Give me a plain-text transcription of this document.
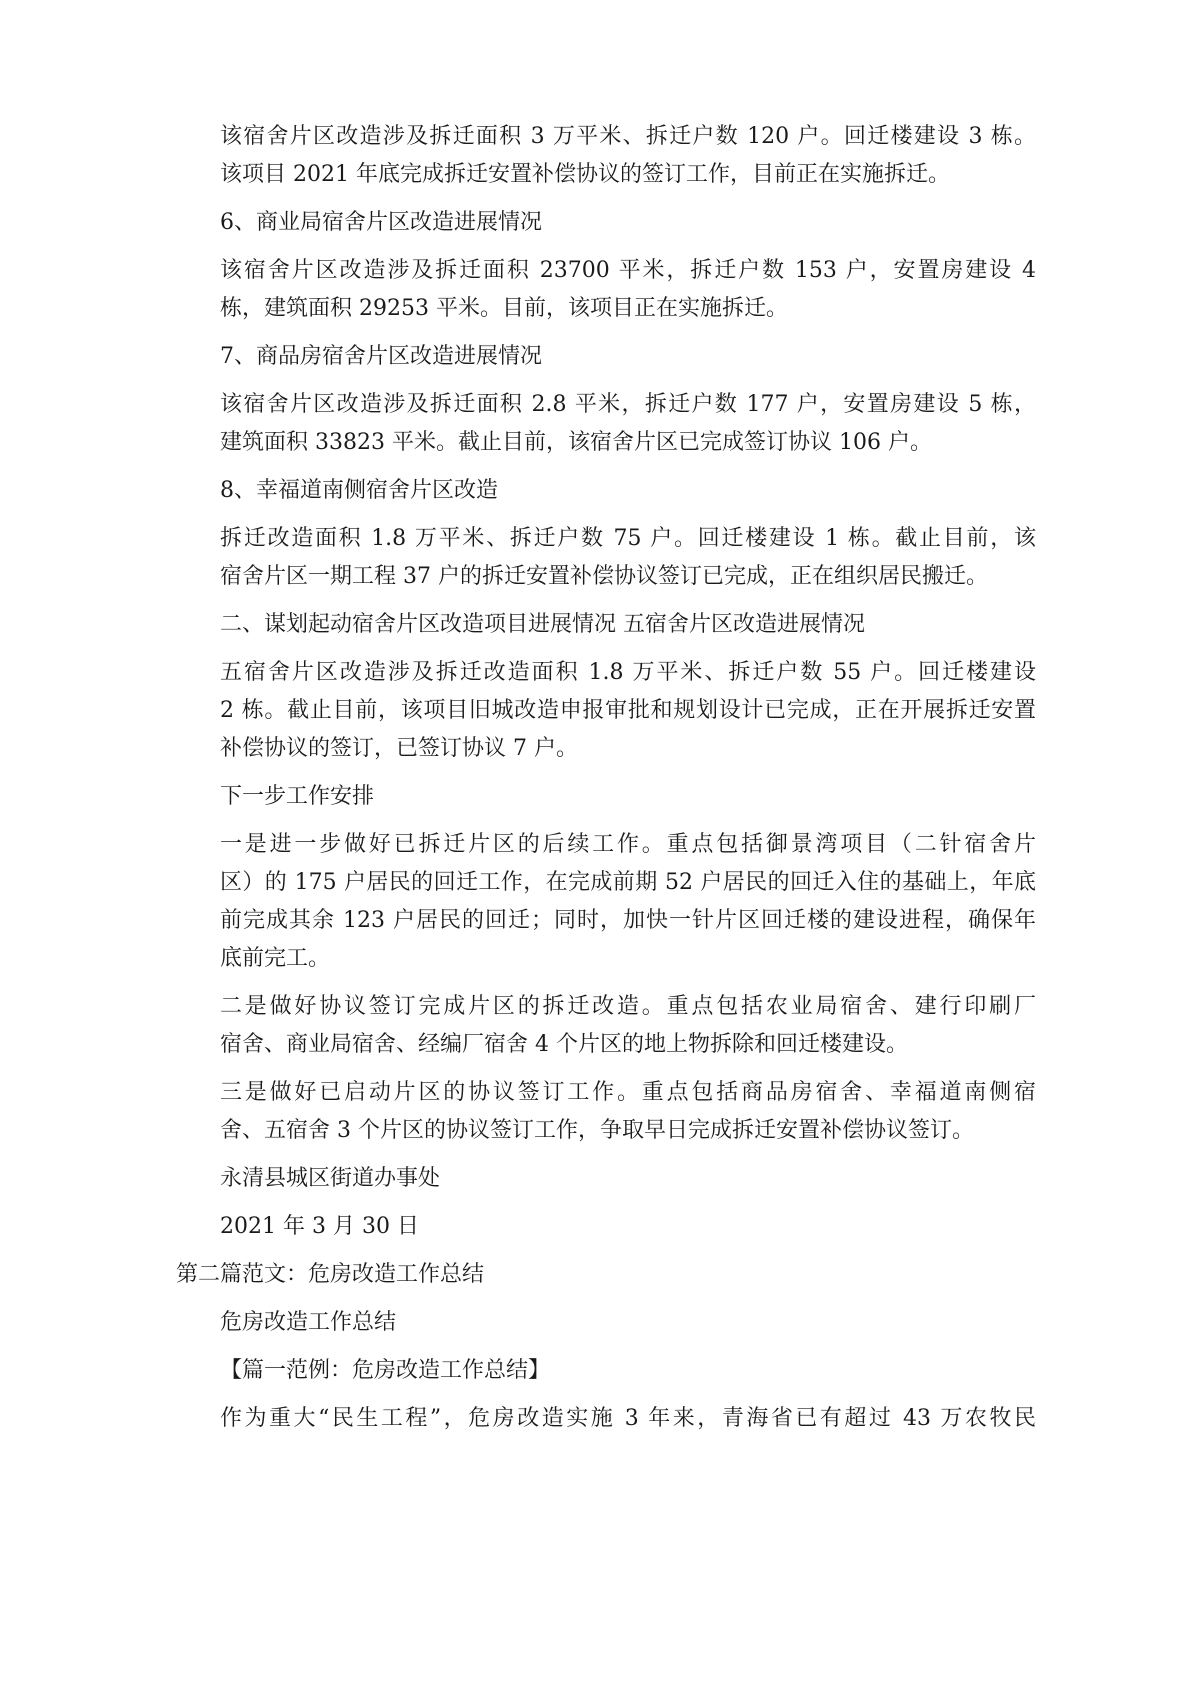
该宿舍片区改造涉及拆迁面积 3 万平米、拆迁户数 120 户。回迁楼建设 3 栋。
该项目 2021 年底完成拆迁安置补偿协议的签订工作，目前正在实施拆迁。
6、商业局宿舍片区改造进展情况
该宿舍片区改造涉及拆迁面积 23700 平米，拆迁户数 153 户，安置房建设 4
栋，建筑面积 29253 平米。目前，该项目正在实施拆迁。
7、商品房宿舍片区改造进展情况
该宿舍片区改造涉及拆迁面积 2.8 平米，拆迁户数 177 户，安置房建设 5 栋，
建筑面积 33823 平米。截止目前，该宿舍片区已完成签订协议 106 户。
8、幸福道南侧宿舍片区改造
拆迁改造面积 1.8 万平米、拆迁户数 75 户。回迁楼建设 1 栋。截止目前，该
宿舍片区一期工程 37 户的拆迁安置补偿协议签订已完成，正在组织居民搬迁。
二、谋划起动宿舍片区改造项目进展情况 五宿舍片区改造进展情况
五宿舍片区改造涉及拆迁改造面积 1.8 万平米、拆迁户数 55 户。回迁楼建设
2 栋。截止目前，该项目旧城改造申报审批和规划设计已完成，正在开展拆迁安置
补偿协议的签订，已签订协议 7 户。
下一步工作安排
一是进一步做好已拆迁片区的后续工作。重点包括御景湾项目（二针宿舍片
区）的 175 户居民的回迁工作，在完成前期 52 户居民的回迁入住的基础上，年底
前完成其余 123 户居民的回迁；同时，加快一针片区回迁楼的建设进程，确保年
底前完工。
二是做好协议签订完成片区的拆迁改造。重点包括农业局宿舍、建行印刷厂
宿舍、商业局宿舍、经编厂宿舍 4 个片区的地上物拆除和回迁楼建设。
三是做好已启动片区的协议签订工作。重点包括商品房宿舍、幸福道南侧宿
舍、五宿舍 3 个片区的协议签订工作，争取早日完成拆迁安置补偿协议签订。
永清县城区街道办事处
2021 年 3 月 30 日
第二篇范文：危房改造工作总结
危房改造工作总结
【篇一范例：危房改造工作总结】
作为重大“民生工程”，危房改造实施 3 年来，青海省已有超过 43 万农牧民
